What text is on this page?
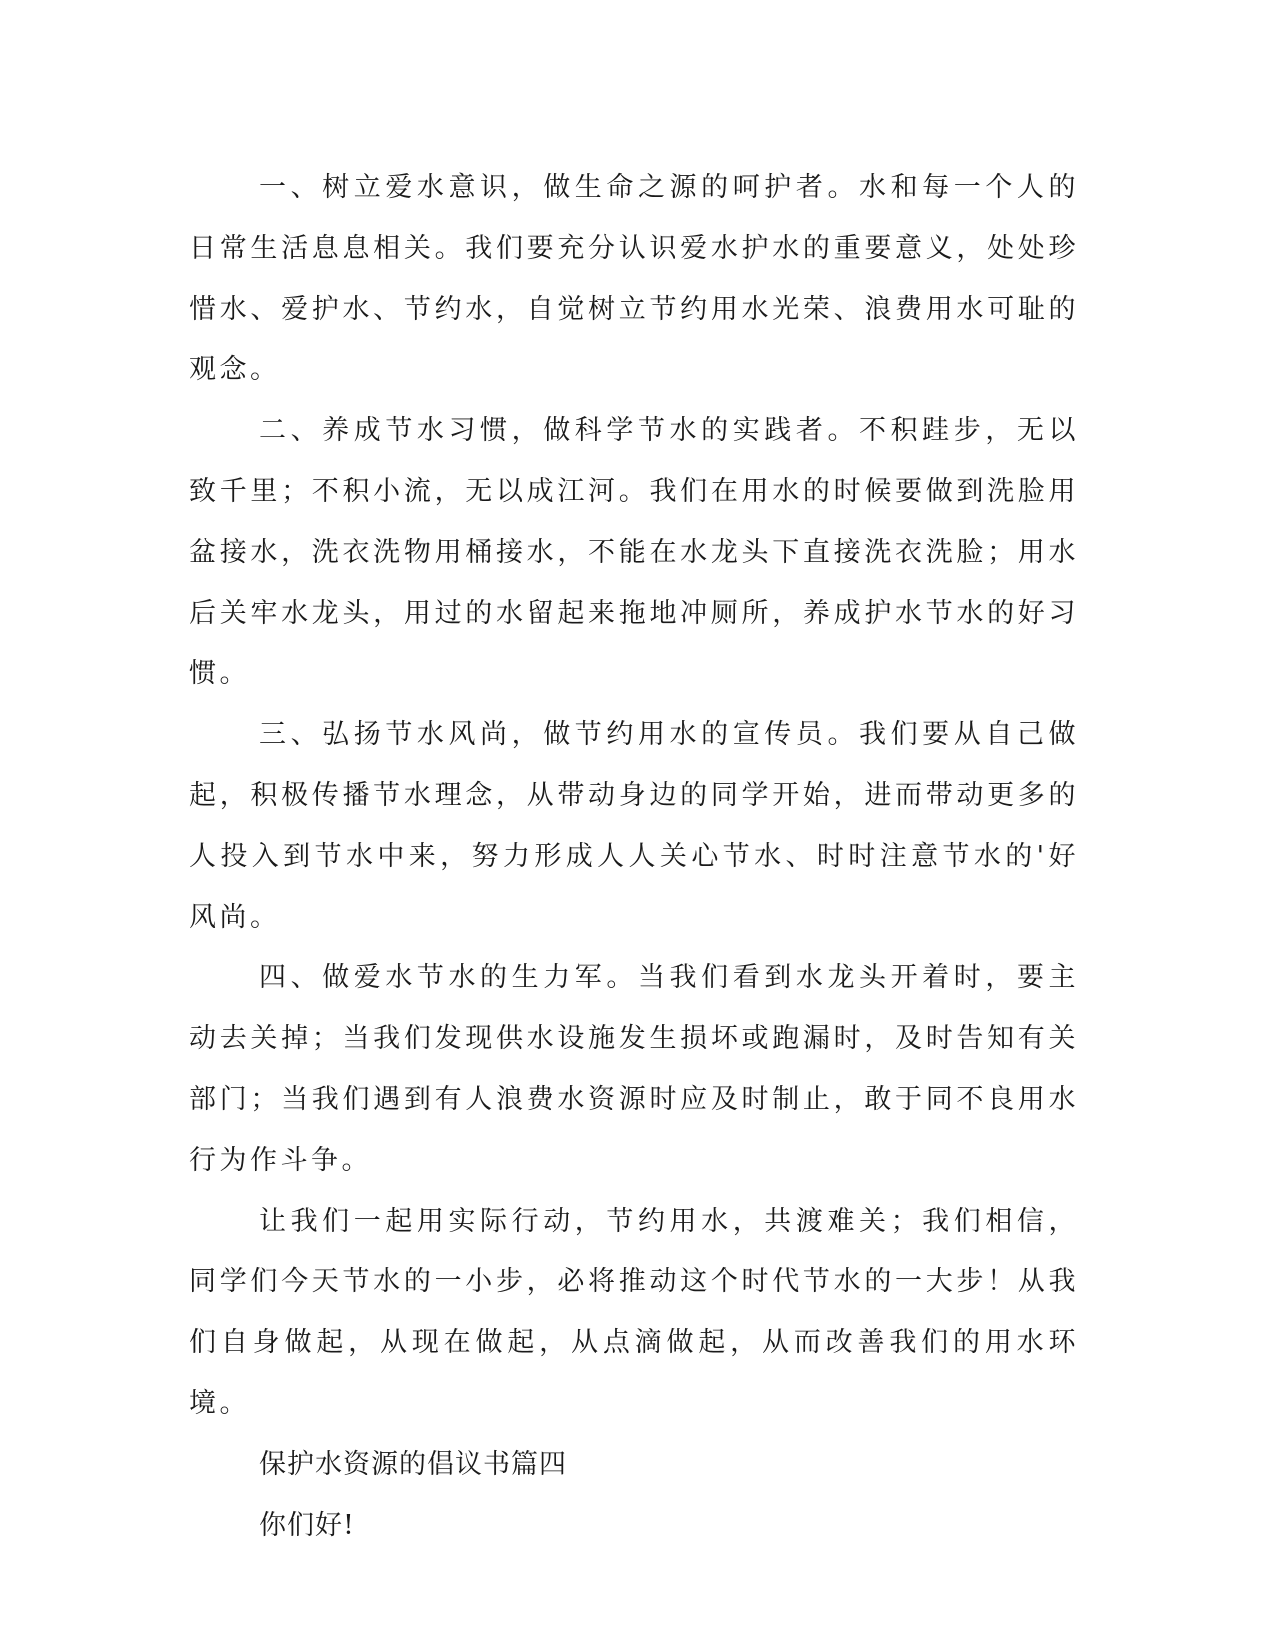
一、树立爱水意识，做生命之源的呵护者。水和每一个人的日常生活息息相关。我们要充分认识爱水护水的重要意义，处处珍惜水、爱护水、节约水，自觉树立节约用水光荣、浪费用水可耻的观念。

二、养成节水习惯，做科学节水的实践者。不积跬步，无以致千里；不积小流，无以成江河。我们在用水的时候要做到洗脸用盆接水，洗衣洗物用桶接水，不能在水龙头下直接洗衣洗脸；用水后关牢水龙头，用过的水留起来拖地冲厕所，养成护水节水的好习惯。

三、弘扬节水风尚，做节约用水的宣传员。我们要从自己做起，积极传播节水理念，从带动身边的同学开始，进而带动更多的人投入到节水中来，努力形成人人关心节水、时时注意节水的'好风尚。

四、做爱水节水的生力军。当我们看到水龙头开着时，要主动去关掉；当我们发现供水设施发生损坏或跑漏时，及时告知有关部门；当我们遇到有人浪费水资源时应及时制止，敢于同不良用水行为作斗争。

让我们一起用实际行动，节约用水，共渡难关；我们相信，同学们今天节水的一小步，必将推动这个时代节水的一大步！从我们自身做起，从现在做起，从点滴做起，从而改善我们的用水环境。

保护水资源的倡议书篇四

你们好!
